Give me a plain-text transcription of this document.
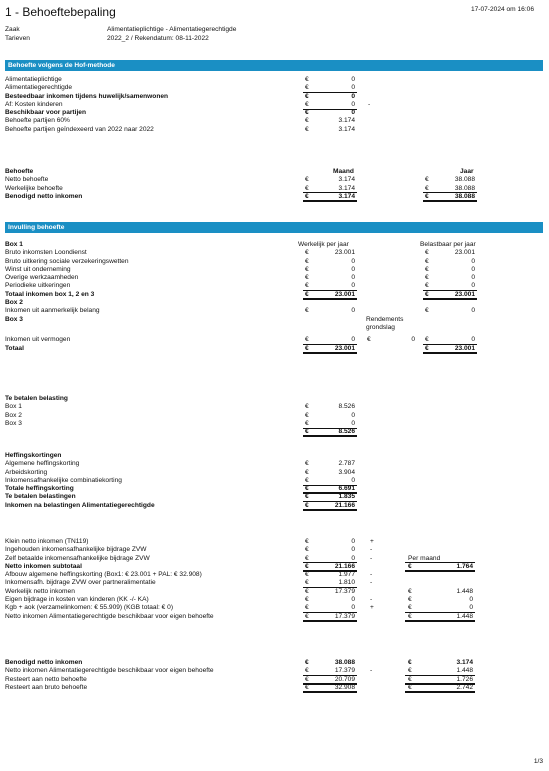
1 - Behoeftebepaling	17-07-2024 om 16:06
Zaak	Alimentatieplichtige - Alimentatiegerechtigde
Tarieven	2022_2 / Rekendatum: 08-11-2022
Behoefte volgens de Hof-methode
Alimentatieplichtige	€	0
Alimentatiegerechtigde	€	0
Besteedbaar inkomen tijdens huwelijk/samenwonen	€	0
Af: Kosten kinderen	€	0 -
Beschikbaar voor partijen	€	0
Behoefte partijen 60%	€	3.174
Behoefte partijen geïndexeerd van 2022 naar 2022	€	3.174
Behoefte	Maand	Jaar
Netto behoefte	€	3.174	€	38.088
Werkelijke behoefte	€	3.174	€	38.088
Benodigd netto inkomen	€	3.174	€	38.088
Invulling behoefte
Box 1	Werkelijk per jaar	Belastbaar per jaar
Bruto inkomsten Loondienst	€	23.001	€	23.001
Bruto uitkering sociale verzekeringswetten	€	0	€	0
Winst uit onderneming	€	0	€	0
Overige werkzaamheden	€	0	€	0
Periodieke uitkeringen	€	0	€	0
Totaal inkomen box 1, 2 en 3	€	23.001	€	23.001
Box 2
Inkomen uit aanmerkelijk belang	€	0	€	0
Box 3	Rendements
grondslag
Inkomen uit vermogen	€	0 €	0 €	0
Totaal	€	23.001	€	23.001
Te betalen belasting
Box 1	€	8.526
Box 2	€	0
Box 3	€	0
€	8.526
Heffingskortingen
Algemene heffingskorting	€	2.787
Arbeidskorting	€	3.904
Inkomensafhankelijke combinatiekorting	€	0
Totale heffingskorting	€	6.691
Te betalen belastingen	€	1.835
Inkomen na belastingen Alimentatiegerechtigde	€	21.166
Klein netto inkomen (TN119)	€	0 +
Ingehouden inkomensafhankelijke bijdrage ZVW	€	0 -
Zelf betaalde inkomensafhankelijke bijdrage ZVW	€	0 -	Per maand
Netto inkomen subtotaal	€	21.166	€	1.764
Afbouw algemene heffingskorting (Box1: € 23.001 + PAL: € 32.908)	€	1.977 -
Inkomensafh. bijdrage ZVW over partneralimentatie	€	1.810 -
Werkelijk netto inkomen	€	17.379	€	1.448
Eigen bijdrage in kosten van kinderen (KK -/- KA)	€	0 -	€	0
Kgb + aok (verzamelinkomen: € 55.909) (KGB totaal: € 0)	€	0 +	€	0
Netto inkomen Alimentatiegerechtigde beschikbaar voor eigen behoefte	€	17.379	€	1.448
Benodigd netto inkomen	€	38.088	€	3.174
Netto inkomen Alimentatiegerechtigde beschikbaar voor eigen behoefte	€	17.379 -	€	1.448
Resteert aan netto behoefte	€	20.709	€	1.726
Resteert aan bruto behoefte	€	32.908	€	2.742
1/3
